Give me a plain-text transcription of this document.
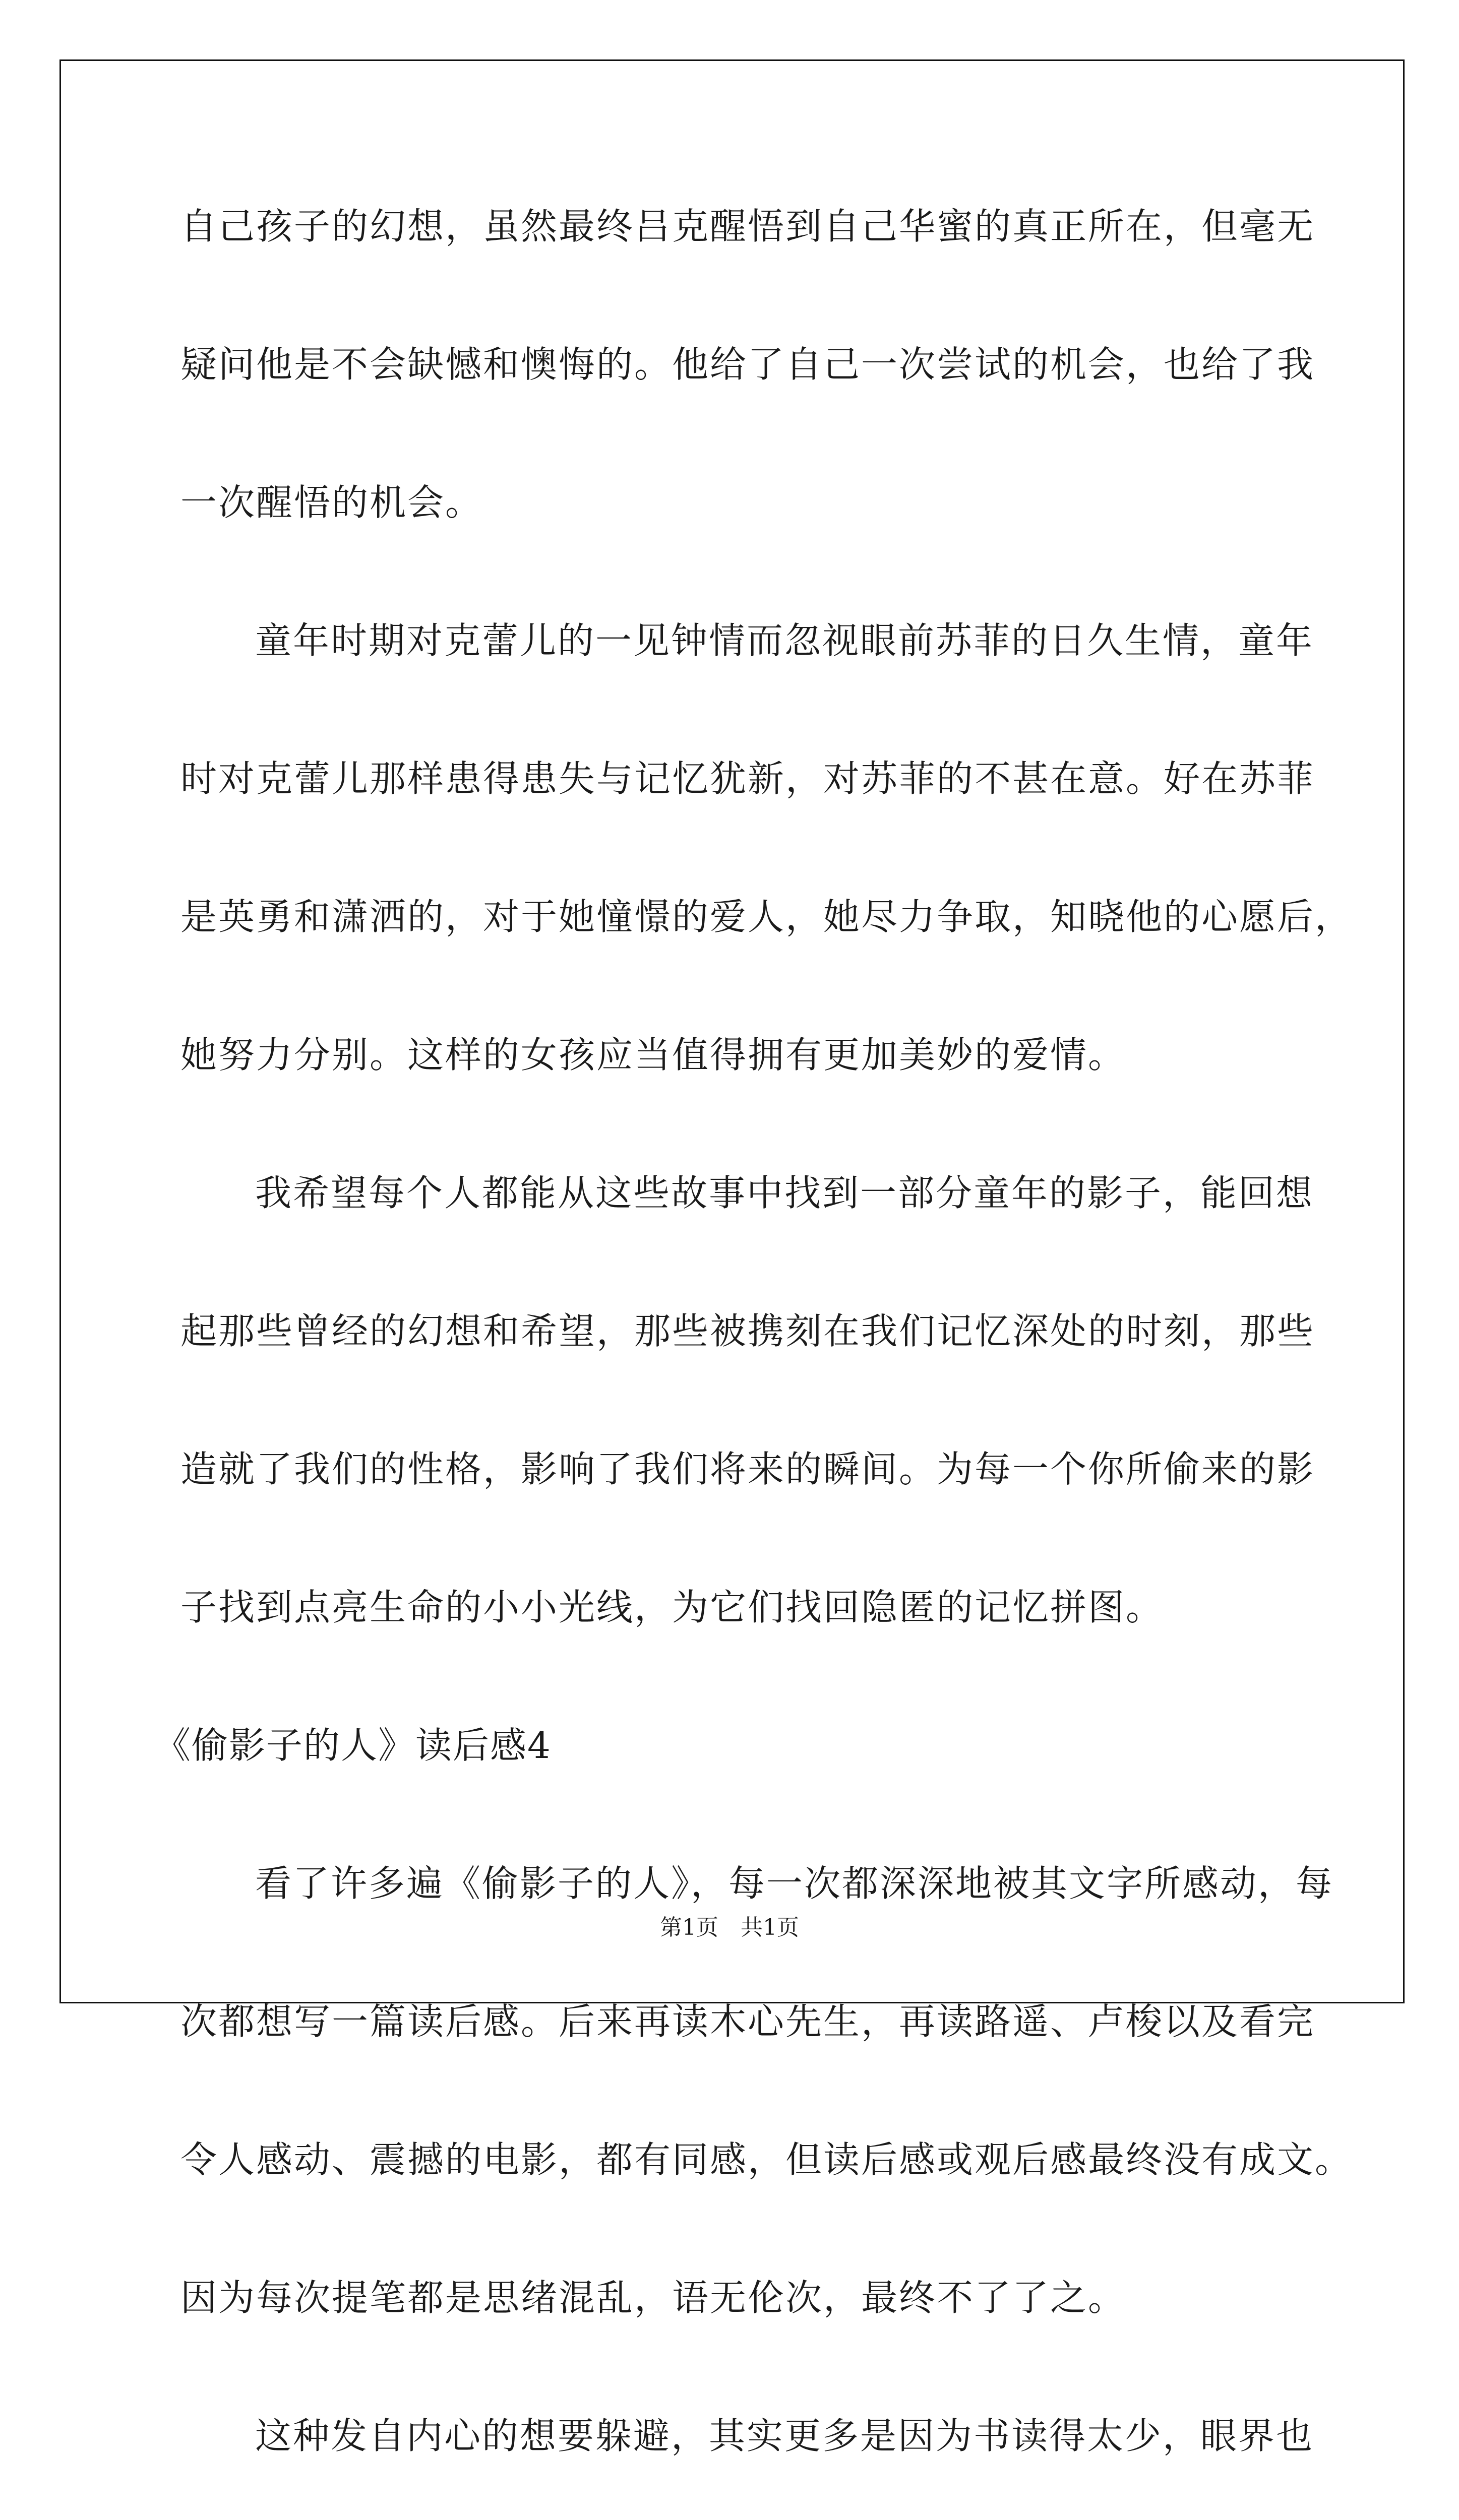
自己孩子的幻想，虽然最终吕克醒悟到自己华蜜的真正所在，但毫无
疑问他是不会缺憾和懊悔的。他给了自己一次尝试的机会，也给了我
一次醒悟的机会。
童年时期对克蕾儿的一见钟情而忽视眼前苏菲的日久生情，童年
时对克蕾儿那样患得患失与记忆犹新，对苏菲的不甚在意。好在苏菲
是英勇和潇洒的，对于她憧憬的爱人，她尽力争取，知晓他的心愿后，
她努力分别。这样的女孩应当值得拥有更加美妙的爱情。
我希望每个人都能从这些故事中找到一部分童年的影子，能回想
起那些曾经的幻想和希望，那些被携刻在我们记忆深处的时刻，那些
造就了我们的性格，影响了我们将来的瞬间。为每一个你所偷来的影
子找到点亮生命的小小光线，为它们找回隐匿的记忆拼图。
《偷影子的人》读后感4
看了许多遍《偷影子的人》，每一次都深深地被其文字所感动，每
次都想写一篇读后感。后来再读木心先生，再读路遥、卢梭以及看完
令人感动、震撼的电影，都有同感，但读后感或观后感最终没有成文。
因为每次提笔都是思绪混乱，语无伦次，最终不了了之。
这种发自内心的想要躲避，其实更多是因为书读得太少，眼界也
第1页　共1页
